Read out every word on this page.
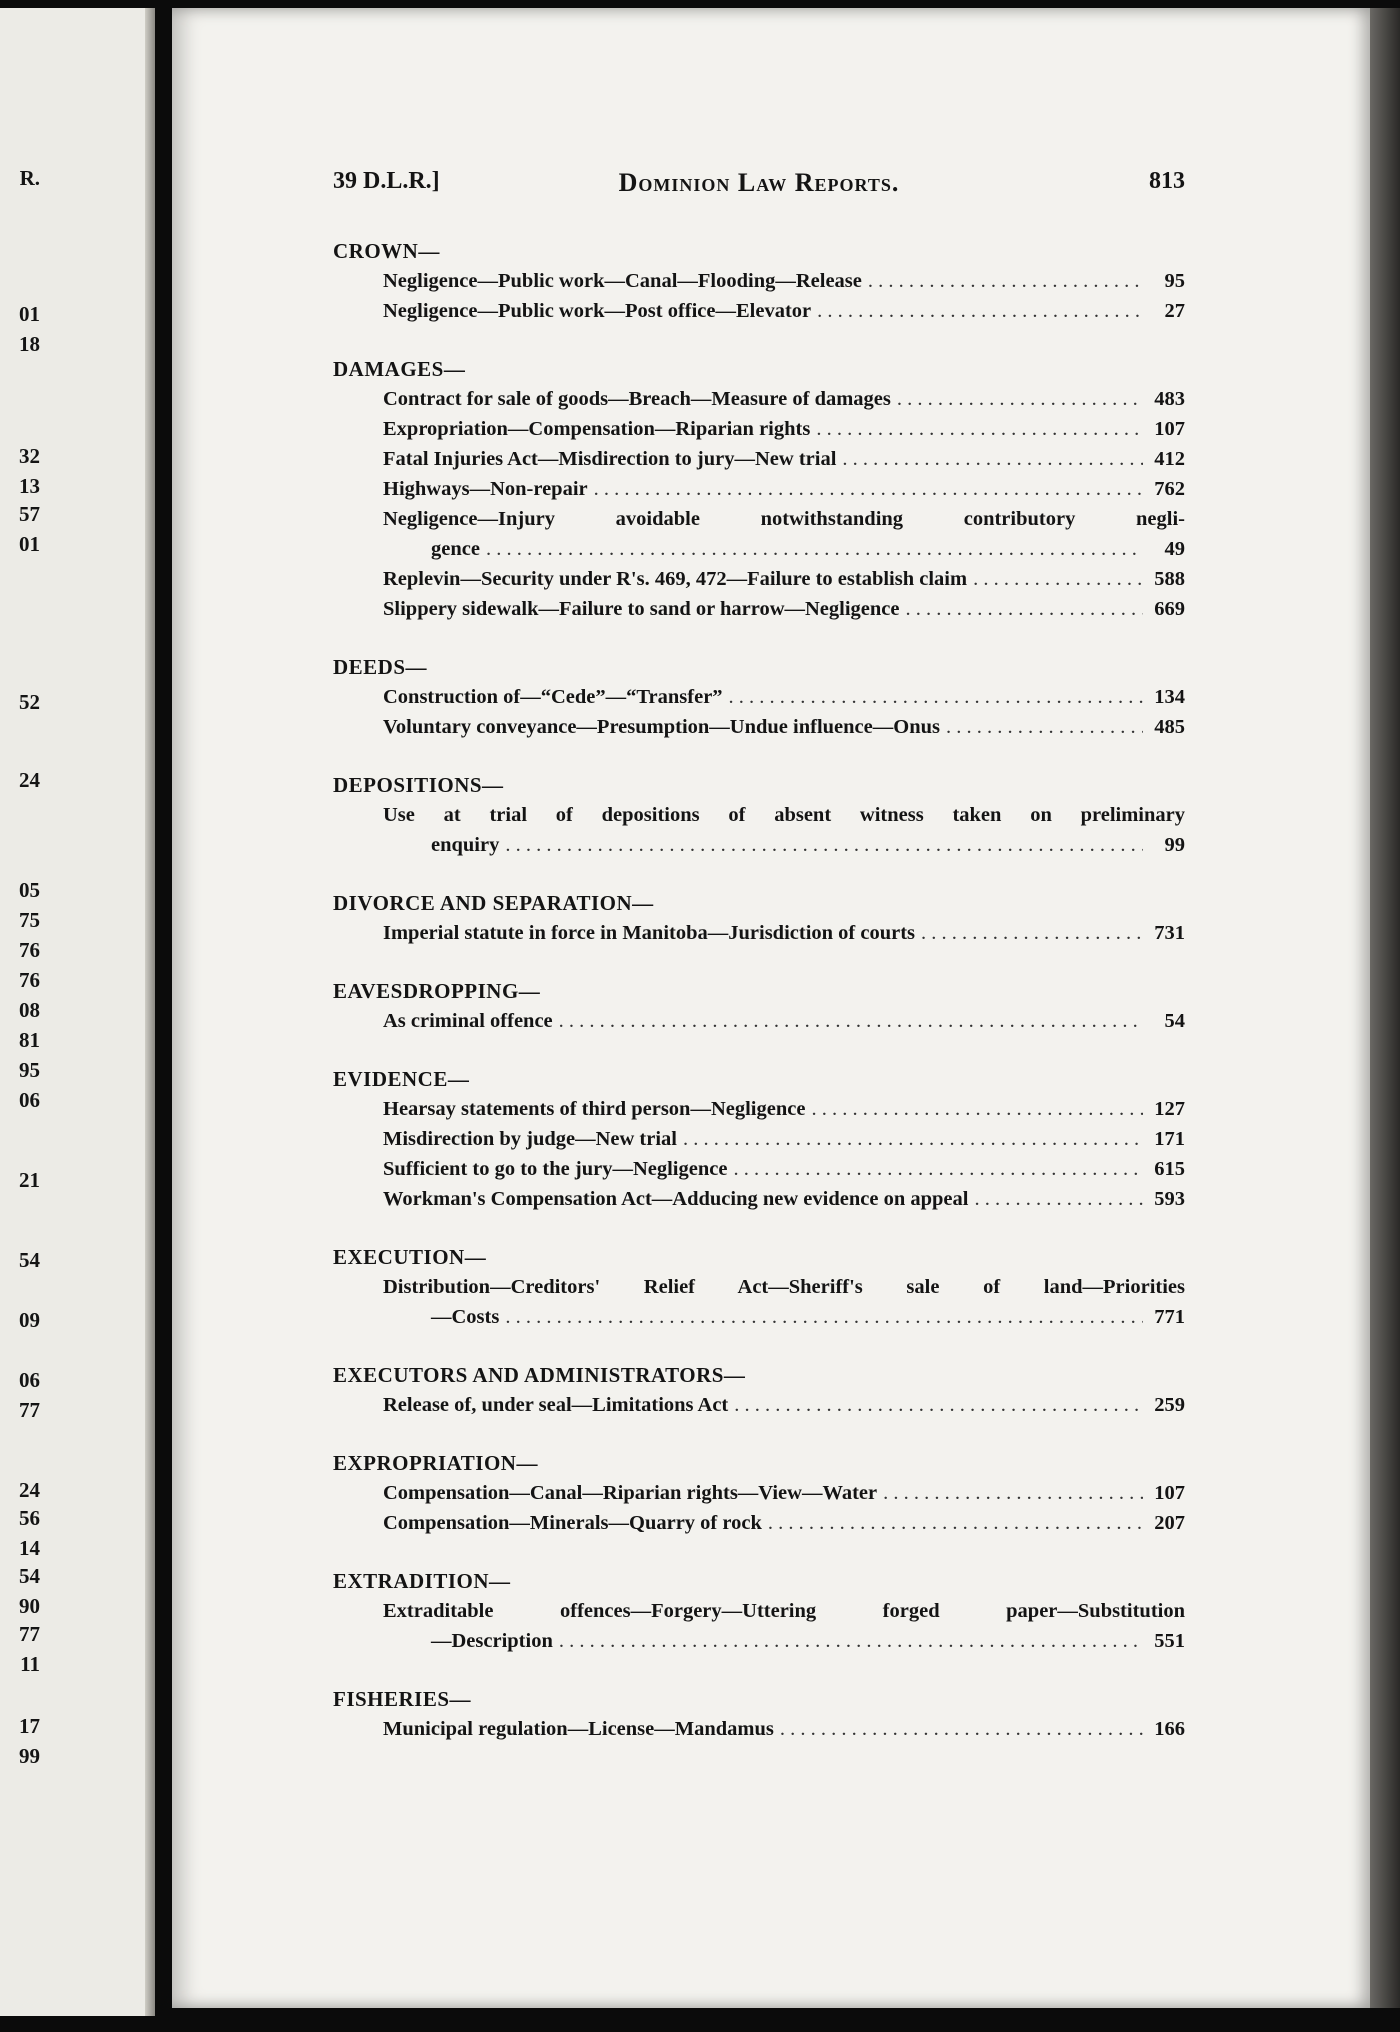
R.
01
18
32
13
57
01
52
24
05
75
76
76
08
81
95
06
21
54
09
06
77
24
56
14
54
90
77
11
17
99
39 D.L.R.]	Dominion Law Reports.	813
CROWN—
Negligence—Public work—Canal—Flooding—Release . . .	95
Negligence—Public work—Post office—Elevator . . .	27
DAMAGES—
Contract for sale of goods—Breach—Measure of damages . . .	483
Expropriation—Compensation—Riparian rights . . .	107
Fatal Injuries Act—Misdirection to jury—New trial . . .	412
Highways—Non-repair . . .	762
Negligence—Injury avoidable notwithstanding contributory negli-
gence . . .	49
Replevin—Security under R's. 469, 472—Failure to establish claim . . .	588
Slippery sidewalk—Failure to sand or harrow—Negligence . . .	669
DEEDS—
Construction of—“Cede”—“Transfer” . . .	134
Voluntary conveyance—Presumption—Undue influence—Onus . . .	485
DEPOSITIONS—
Use at trial of depositions of absent witness taken on preliminary
enquiry . . .	99
DIVORCE AND SEPARATION—
Imperial statute in force in Manitoba—Jurisdiction of courts . . .	731
EAVESDROPPING—
As criminal offence . . .	54
EVIDENCE—
Hearsay statements of third person—Negligence . . .	127
Misdirection by judge—New trial . . .	171
Sufficient to go to the jury—Negligence . . .	615
Workman's Compensation Act—Adducing new evidence on appeal . . .	593
EXECUTION—
Distribution—Creditors' Relief Act—Sheriff's sale of land—Priorities
—Costs . . .	771
EXECUTORS AND ADMINISTRATORS—
Release of, under seal—Limitations Act . . .	259
EXPROPRIATION—
Compensation—Canal—Riparian rights—View—Water . . .	107
Compensation—Minerals—Quarry of rock . . .	207
EXTRADITION—
Extraditable offences—Forgery—Uttering forged paper—Substitution
—Description . . .	551
FISHERIES—
Municipal regulation—License—Mandamus . . .	166
